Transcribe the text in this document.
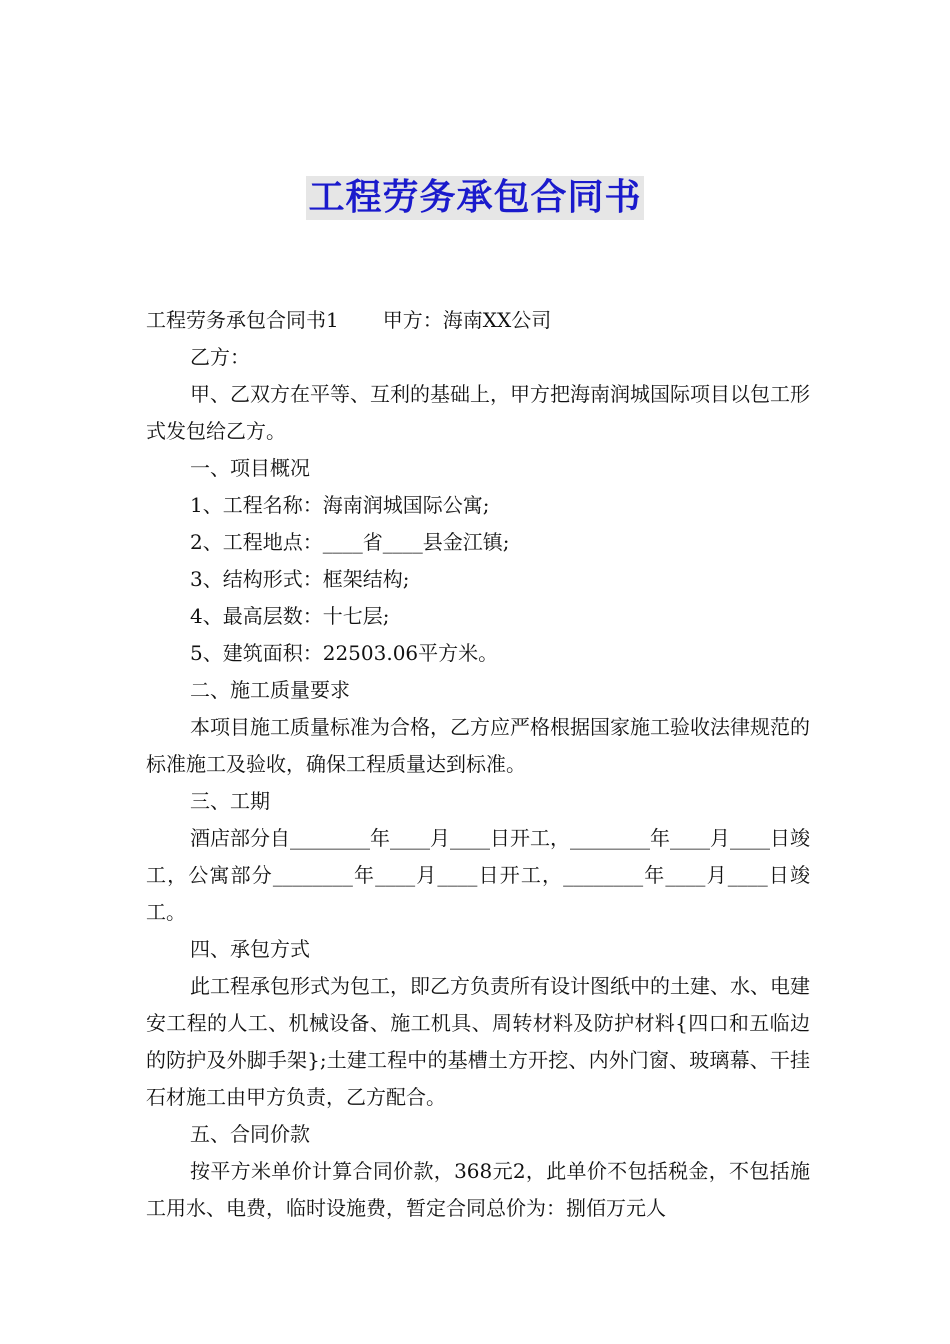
工程劳务承包合同书

工程劳务承包合同书1 甲方：海南XX公司

乙方：

甲、乙双方在平等、互利的基础上，甲方把海南润城国际项目以包工形式发包给乙方。

一、项目概况

1、工程名称：海南润城国际公寓;

2、工程地点：____省____县金江镇;

3、结构形式：框架结构;

4、最高层数：十七层;

5、建筑面积：22503.06平方米。

二、施工质量要求

本项目施工质量标准为合格，乙方应严格根据国家施工验收法律规范的标准施工及验收，确保工程质量达到标准。

三、工期

酒店部分自________年____月____日开工，________年____月____日竣工，公寓部分________年____月____日开工，________年____月____日竣工。

四、承包方式

此工程承包形式为包工，即乙方负责所有设计图纸中的土建、水、电建安工程的人工、机械设备、施工机具、周转材料及防护材料{四口和五临边的防护及外脚手架};土建工程中的基槽土方开挖、内外门窗、玻璃幕、干挂石材施工由甲方负责，乙方配合。

五、合同价款

按平方米单价计算合同价款，368元2，此单价不包括税金，不包括施工用水、电费，临时设施费，暂定合同总价为：捌佰万元人
